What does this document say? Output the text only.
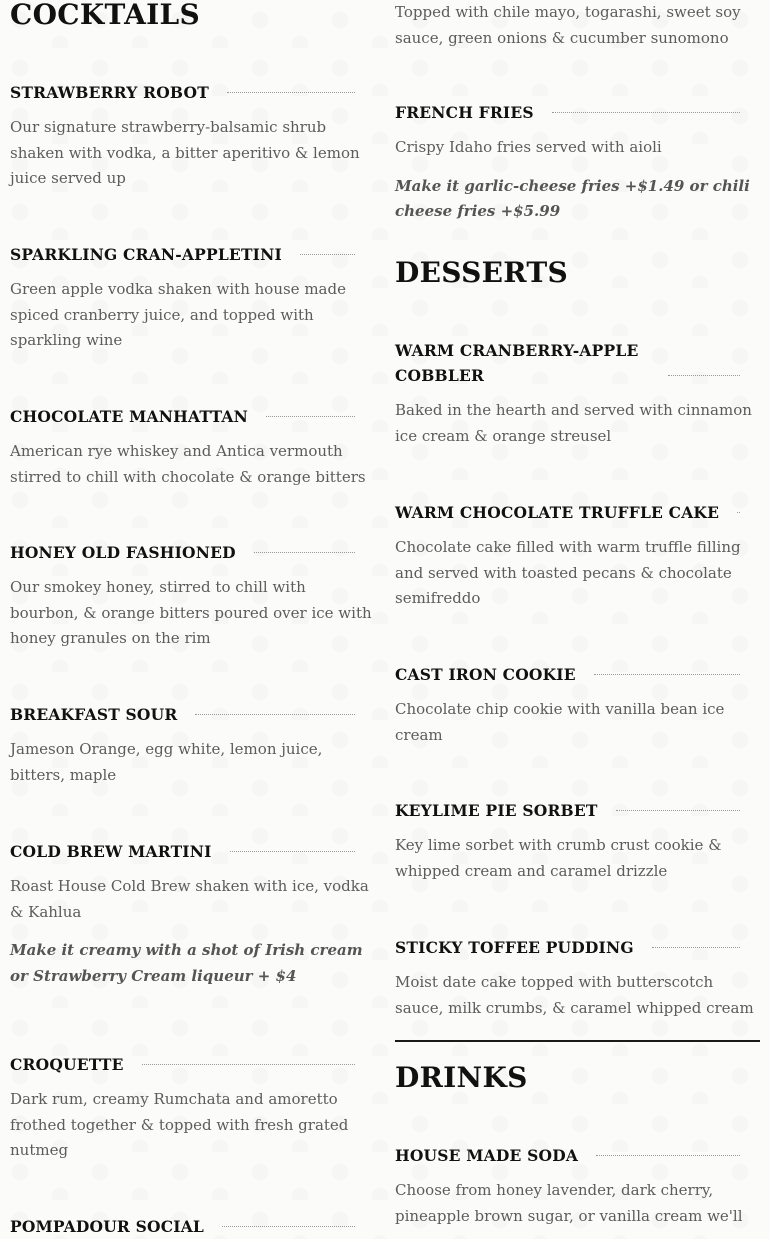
COCKTAILS
STRAWBERRY ROBOT
Our signature strawberry-balsamic shrub shaken with vodka, a bitter aperitivo & lemon juice served up
SPARKLING CRAN-APPLETINI
Green apple vodka shaken with house made spiced cranberry juice, and topped with sparkling wine
CHOCOLATE MANHATTAN
American rye whiskey and Antica vermouth stirred to chill with chocolate & orange bitters
HONEY OLD FASHIONED
Our smokey honey, stirred to chill with bourbon, & orange bitters poured over ice with honey granules on the rim
BREAKFAST SOUR
Jameson Orange, egg white, lemon juice, bitters, maple
COLD BREW MARTINI
Roast House Cold Brew shaken with ice, vodka & Kahlua
Make it creamy with a shot of Irish cream or Strawberry Cream liqueur + $4
CROQUETTE
Dark rum, creamy Rumchata and amoretto frothed together & topped with fresh grated nutmeg
POMPADOUR SOCIAL

Topped with chile mayo, togarashi, sweet soy sauce, green onions & cucumber sunomono

FRENCH FRIES
Crispy Idaho fries served with aioli
Make it garlic-cheese fries +$1.49 or chili cheese fries +$5.99
DESSERTS
WARM CRANBERRY-APPLE COBBLER
Baked in the hearth and served with cinnamon ice cream & orange streusel
WARM CHOCOLATE TRUFFLE CAKE
Chocolate cake filled with warm truffle filling and served with toasted pecans & chocolate semifreddo
CAST IRON COOKIE
Chocolate chip cookie with vanilla bean ice cream
KEYLIME PIE SORBET
Key lime sorbet with crumb crust cookie & whipped cream and caramel drizzle
STICKY TOFFEE PUDDING
Moist date cake topped with butterscotch sauce, milk crumbs, & caramel whipped cream
DRINKS
HOUSE MADE SODA
Choose from honey lavender, dark cherry, pineapple brown sugar, or vanilla cream we'll
